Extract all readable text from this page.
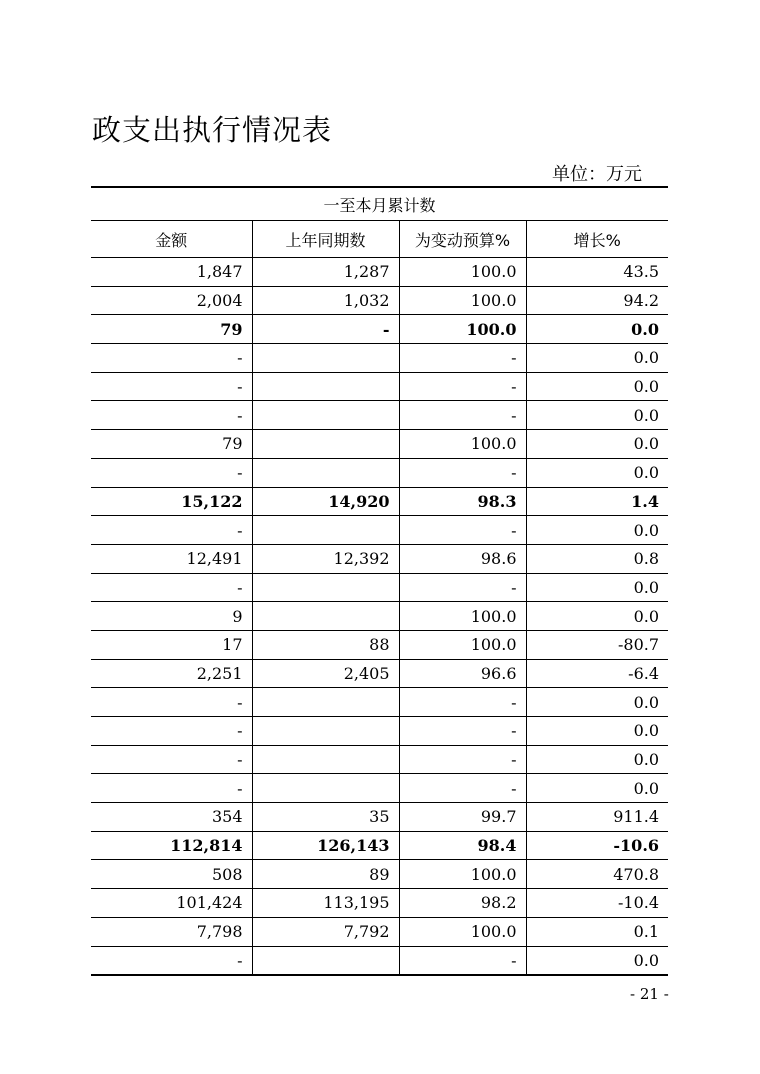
政支出执行情况表
单位：万元
一至本月累计数			
金额	上年同期数	为变动预算%	增长%
1,847	1,287	100.0	43.5
2,004	1,032	100.0	94.2
79	-	100.0	0.0
-		-	0.0
-		-	0.0
-		-	0.0
79		100.0	0.0
-		-	0.0
15,122	14,920	98.3	1.4
-		-	0.0
12,491	12,392	98.6	0.8
-		-	0.0
9		100.0	0.0
17	88	100.0	-80.7
2,251	2,405	96.6	-6.4
-		-	0.0
-		-	0.0
-		-	0.0
-		-	0.0
354	35	99.7	911.4
112,814	126,143	98.4	-10.6
508	89	100.0	470.8
101,424	113,195	98.2	-10.4
7,798	7,792	100.0	0.1
-		-	0.0
- 21 -
